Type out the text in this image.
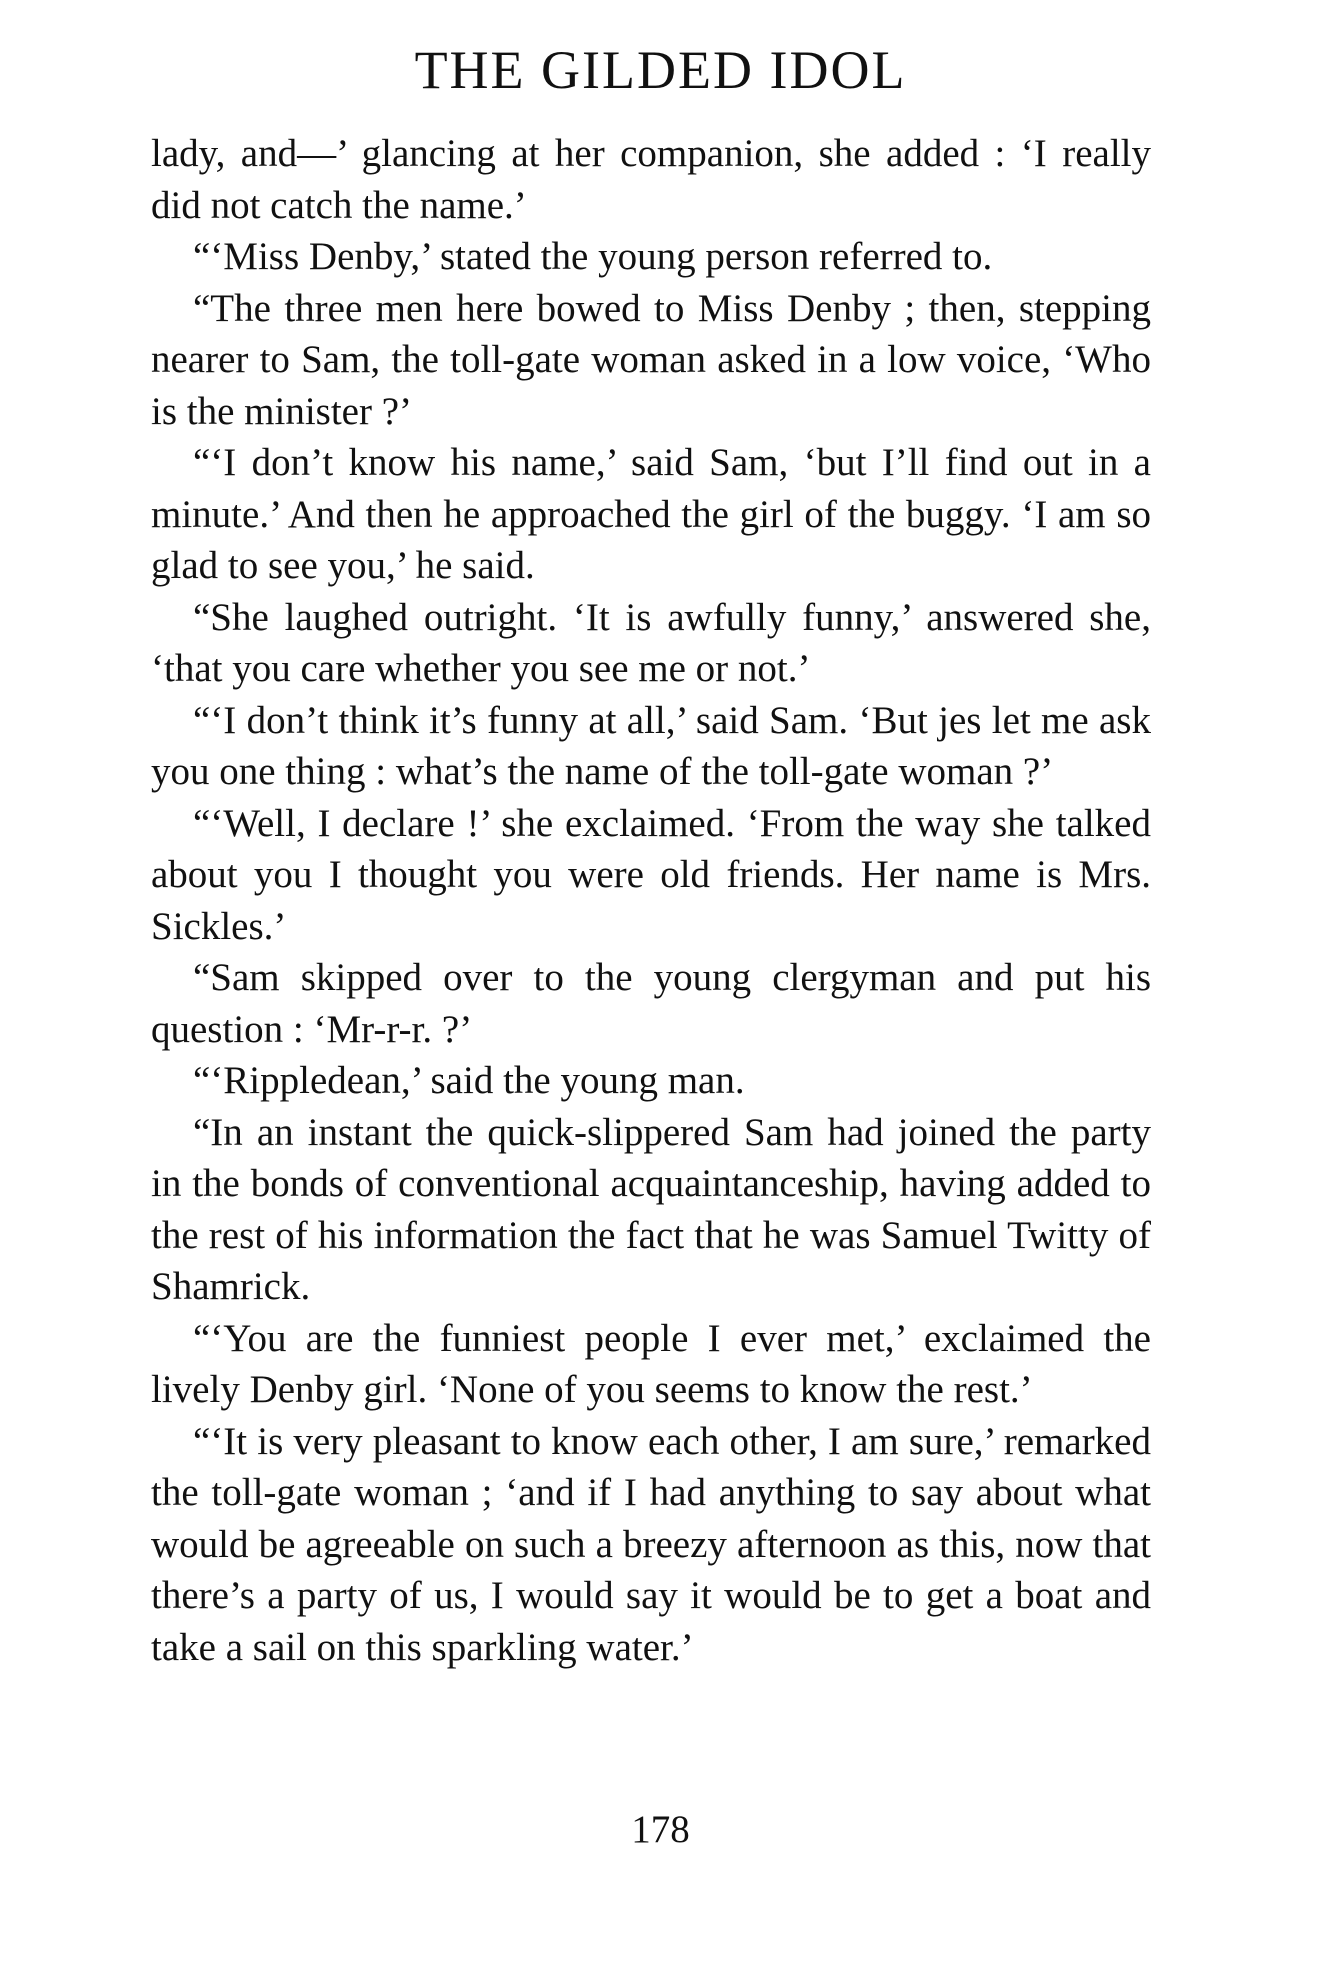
THE GILDED IDOL

lady, and—’ glancing at her companion, she added : ‘I really did not catch the name.’

“‘Miss Denby,’ stated the young person referred to.

“The three men here bowed to Miss Denby ; then, stepping nearer to Sam, the toll-gate woman asked in a low voice, ‘Who is the minister ?’

“‘I don’t know his name,’ said Sam, ‘but I’ll find out in a minute.’ And then he approached the girl of the buggy. ‘I am so glad to see you,’ he said.

“She laughed outright. ‘It is awfully funny,’ answered she, ‘that you care whether you see me or not.’

“‘I don’t think it’s funny at all,’ said Sam. ‘But jes let me ask you one thing : what’s the name of the toll-gate woman ?’

“‘Well, I declare !’ she exclaimed. ‘From the way she talked about you I thought you were old friends. Her name is Mrs. Sickles.’

“Sam skipped over to the young clergyman and put his question : ‘Mr-r-r. ?’

“‘Rippledean,’ said the young man.

“In an instant the quick-slippered Sam had joined the party in the bonds of conventional acquaintanceship, having added to the rest of his information the fact that he was Samuel Twitty of Shamrick.

“‘You are the funniest people I ever met,’ exclaimed the lively Denby girl. ‘None of you seems to know the rest.’

“‘It is very pleasant to know each other, I am sure,’ remarked the toll-gate woman ; ‘and if I had anything to say about what would be agreeable on such a breezy afternoon as this, now that there’s a party of us, I would say it would be to get a boat and take a sail on this sparkling water.’

178
